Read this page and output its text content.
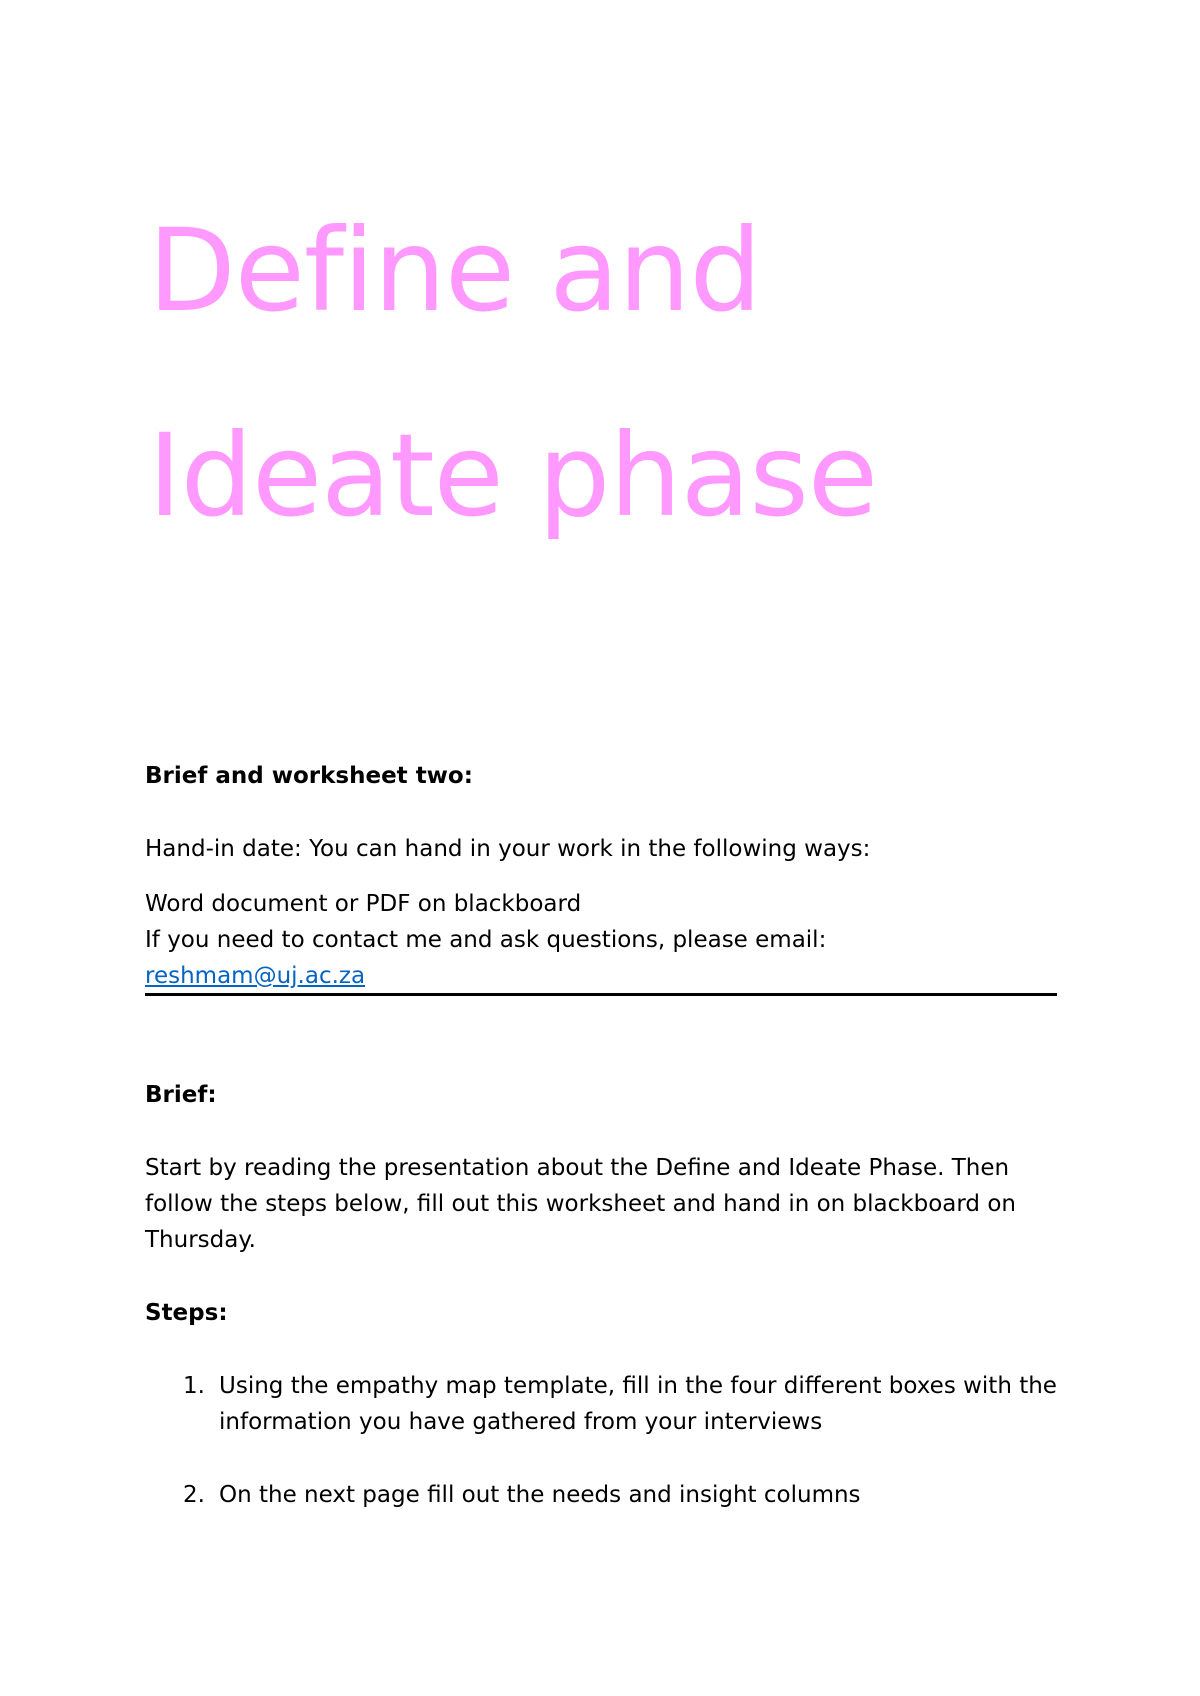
Define and
Ideate phase

Brief and worksheet two:

Hand-in date: You can hand in your work in the following ways:

Word document or PDF on blackboard

If you need to contact me and ask questions, please email:

reshmam@uj.ac.za

Brief:

Start by reading the presentation about the Define and Ideate Phase. Then follow the steps below, fill out this worksheet and hand in on blackboard on Thursday.

Steps:

1. Using the empathy map template, fill in the four different boxes with the information you have gathered from your interviews
2. On the next page fill out the needs and insight columns
